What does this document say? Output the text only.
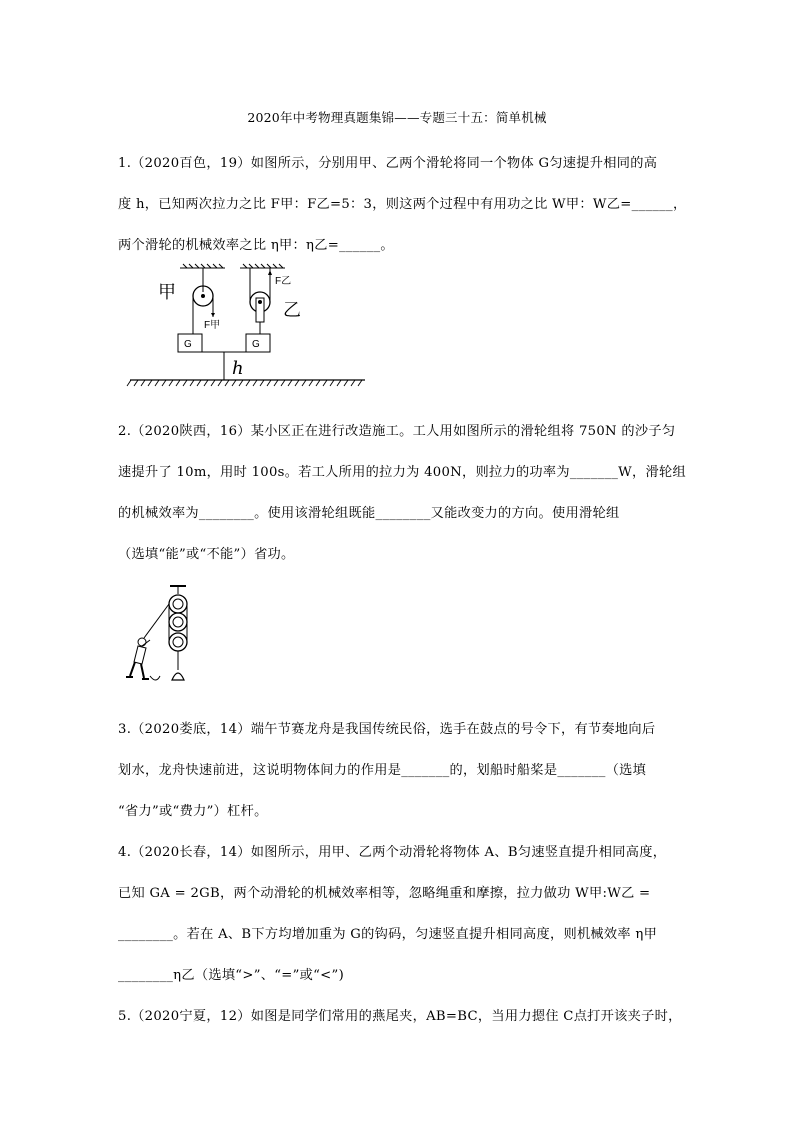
2020年中考物理真题集锦——专题三十五：简单机械
1.（2020百色，19）如图所示，分别用甲、乙两个滑轮将同一个物体 G匀速提升相同的高
度 h，已知两次拉力之比 F甲：F乙=5：3，则这两个过程中有用功之比 W甲：W乙=______，
两个滑轮的机械效率之比 η甲：η乙=______。
F甲
甲
F乙
乙
G	G
h
2.（2020陕西，16）某小区正在进行改造施工。工人用如图所示的滑轮组将 750N 的沙子匀
速提升了 10m，用时 100s。若工人所用的拉力为 400N，则拉力的功率为_______W，滑轮组
的机械效率为________。使用该滑轮组既能________又能改变力的方向。使用滑轮组
（选填“能”或“不能”）省功。
3.（2020娄底，14）端午节赛龙舟是我国传统民俗，选手在鼓点的号令下，有节奏地向后
划水，龙舟快速前进，这说明物体间力的作用是_______的，划船时船桨是_______（选填
“省力”或“费力”）杠杆。
4.（2020长春，14）如图所示，用甲、乙两个动滑轮将物体 A、B匀速竖直提升相同高度，
已知 GA = 2GB，两个动滑轮的机械效率相等，忽略绳重和摩擦，拉力做功 W甲:W乙 =
________。若在 A、B下方均增加重为 G的钩码，匀速竖直提升相同高度，则机械效率 η甲
________η乙（选填“>”、“=”或“<”)
5.（2020宁夏，12）如图是同学们常用的燕尾夹，AB=BC，当用力摁住 C点打开该夹子时，
